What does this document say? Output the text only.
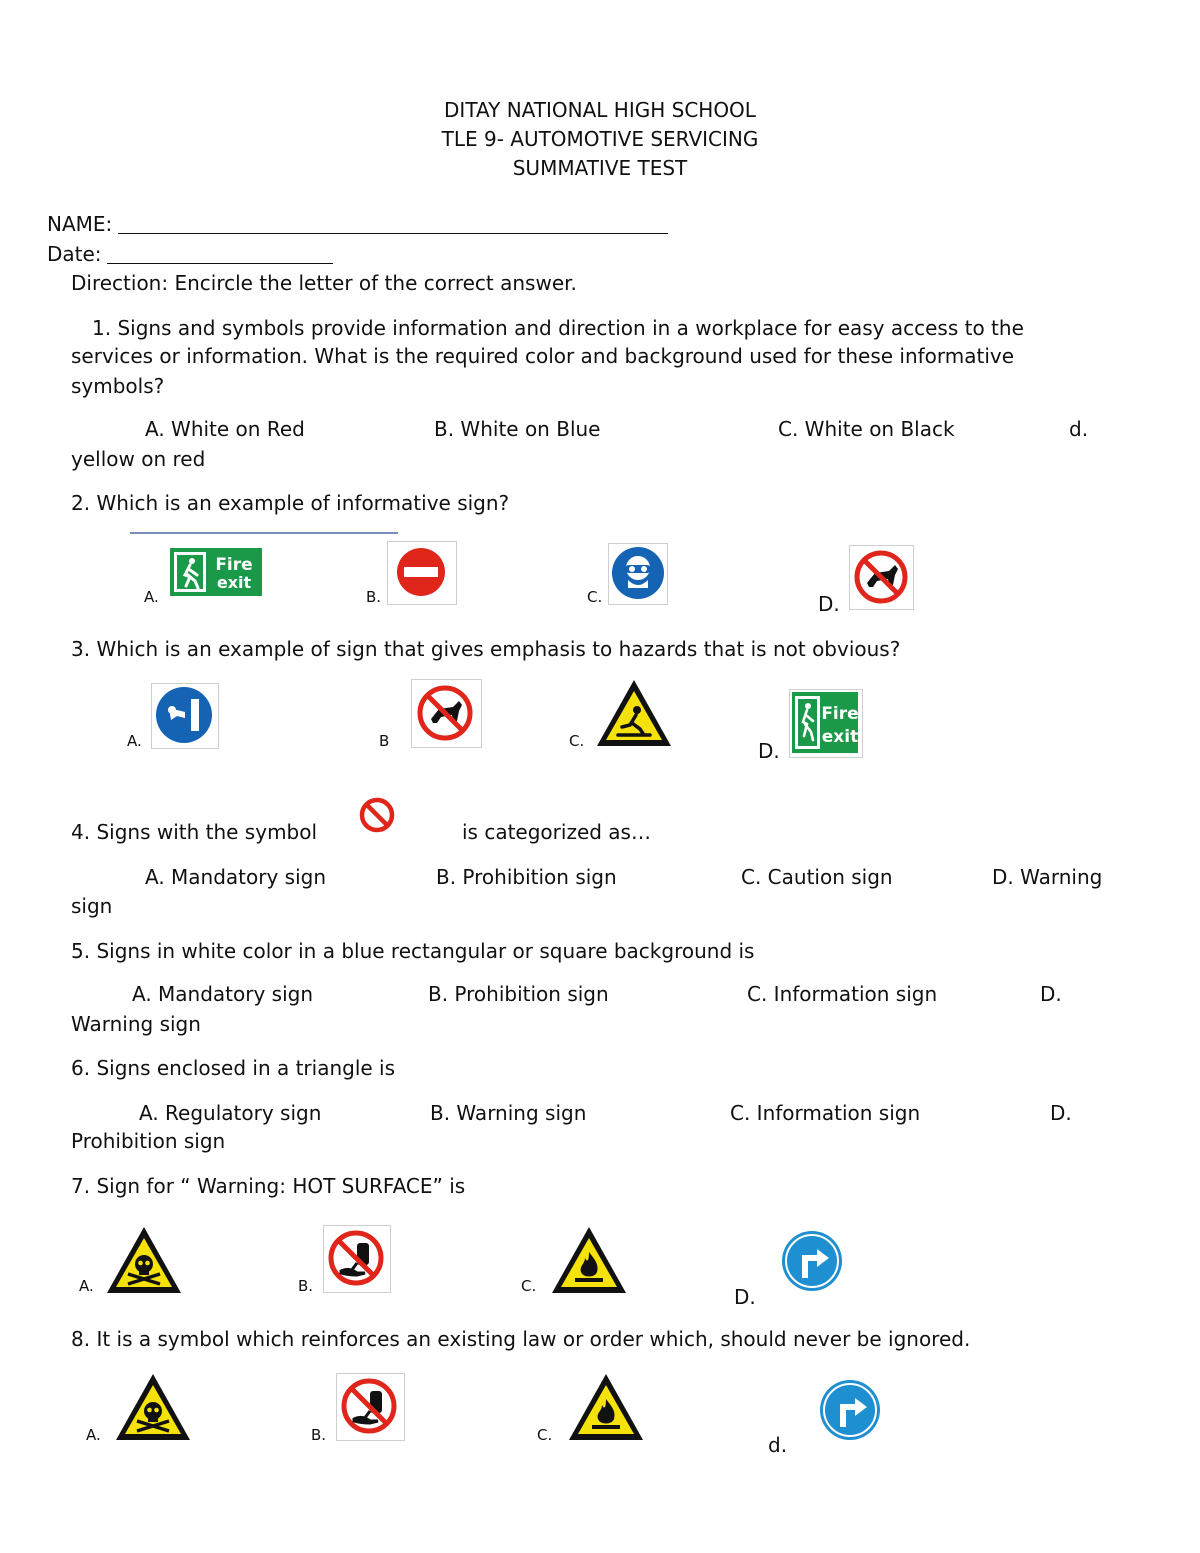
DITAY NATIONAL HIGH SCHOOL
TLE 9- AUTOMOTIVE SERVICING
SUMMATIVE TEST
NAME:
Date:
Direction: Encircle the letter of the correct answer.
1. Signs and symbols provide information and direction in a workplace for easy access to the
services or information. What is the required color and background used for these informative
symbols?
A. White on Red	B. White on Blue	C. White on Black	d.
yellow on red
2. Which is an example of informative sign?
A.
Fire
exit
B.	C.	D.
3. Which is an example of sign that gives emphasis to hazards that is not obvious?
A.	B	C.	D.
Fire
exit
4. Signs with the symbol	is categorized as…
A. Mandatory sign	B. Prohibition sign	C. Caution sign	D. Warning
sign
5. Signs in white color in a blue rectangular or square background is
A. Mandatory sign	B. Prohibition sign	C. Information sign	D.
Warning sign
6. Signs enclosed in a triangle is
A. Regulatory sign	B. Warning sign	C. Information sign	D.
Prohibition sign
7. Sign for “ Warning: HOT SURFACE” is
A.	B.	C.	D.
8. It is a symbol which reinforces an existing law or order which, should never be ignored.
A.	B.	C.	d.
